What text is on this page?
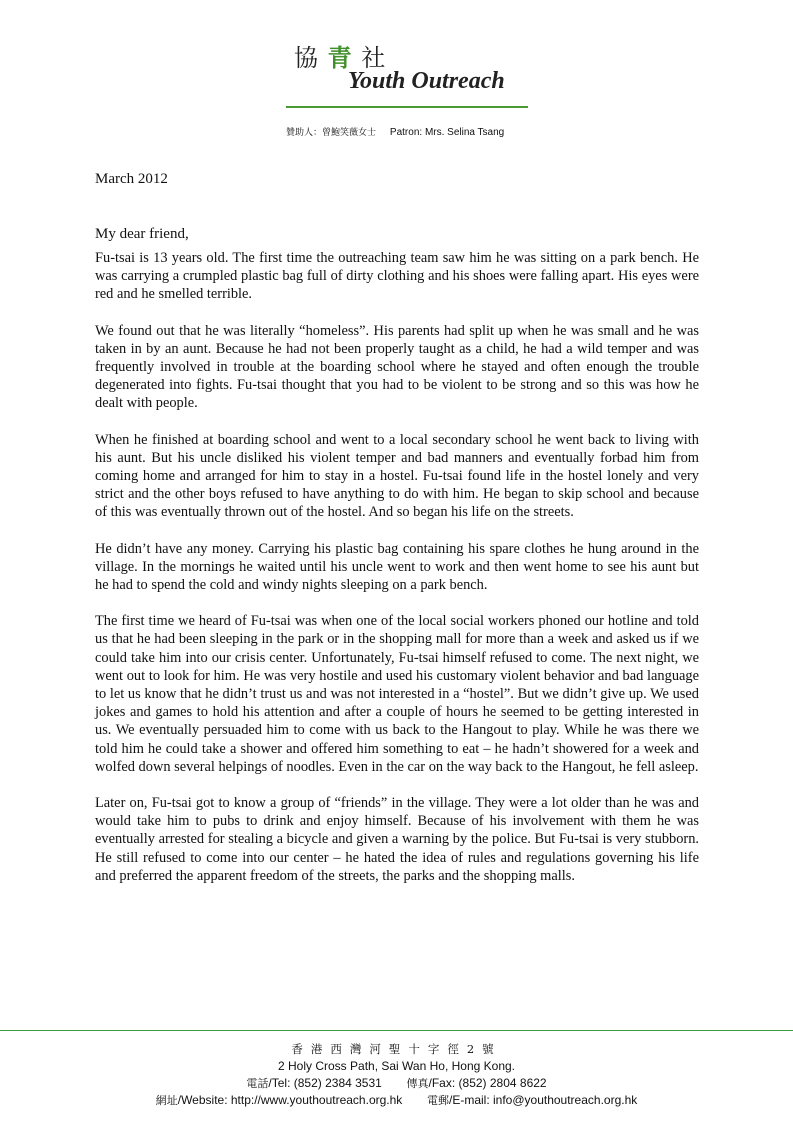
協 青 社
Youth Outreach
贊助人：曾鮑笑薇女士 Patron: Mrs. Selina Tsang
March 2012
My dear friend,

Fu-tsai is 13 years old. The first time the outreaching team saw him he was sitting on a park bench. He was carrying a crumpled plastic bag full of dirty clothing and his shoes were falling apart. His eyes were red and he smelled terrible.

We found out that he was literally “homeless”. His parents had split up when he was small and he was taken in by an aunt. Because he had not been properly taught as a child, he had a wild temper and was frequently involved in trouble at the boarding school where he stayed and often enough the trouble degenerated into fights. Fu-tsai thought that you had to be violent to be strong and so this was how he dealt with people.

When he finished at boarding school and went to a local secondary school he went back to living with his aunt. But his uncle disliked his violent temper and bad manners and eventually forbad him from coming home and arranged for him to stay in a hostel. Fu-tsai found life in the hostel lonely and very strict and the other boys refused to have anything to do with him. He began to skip school and because of this was eventually thrown out of the hostel. And so began his life on the streets.

He didn’t have any money. Carrying his plastic bag containing his spare clothes he hung around in the village. In the mornings he waited until his uncle went to work and then went home to see his aunt but he had to spend the cold and windy nights sleeping on a park bench.

The first time we heard of Fu-tsai was when one of the local social workers phoned our hotline and told us that he had been sleeping in the park or in the shopping mall for more than a week and asked us if we could take him into our crisis center. Unfortunately, Fu-tsai himself refused to come. The next night, we went out to look for him. He was very hostile and used his customary violent behavior and bad language to let us know that he didn’t trust us and was not interested in a “hostel”. But we didn’t give up. We used jokes and games to hold his attention and after a couple of hours he seemed to be getting interested in us. We eventually persuaded him to come with us back to the Hangout to play. While he was there we told him he could take a shower and offered him something to eat – he hadn’t showered for a week and wolfed down several helpings of noodles. Even in the car on the way back to the Hangout, he fell asleep.

Later on, Fu-tsai got to know a group of “friends” in the village. They were a lot older than he was and would take him to pubs to drink and enjoy himself. Because of his involvement with them he was eventually arrested for stealing a bicycle and given a warning by the police. But Fu-tsai is very stubborn. He still refused to come into our center – he hated the idea of rules and regulations governing his life and preferred the apparent freedom of the streets, the parks and the shopping malls.

香港西灣河聖十字徑2號
2 Holy Cross Path, Sai Wan Ho, Hong Kong.
電話/Tel: (852) 2384 3531 傳真/Fax: (852) 2804 8622
網址/Website: http://www.youthoutreach.org.hk 電郵/E-mail: info@youthoutreach.org.hk
